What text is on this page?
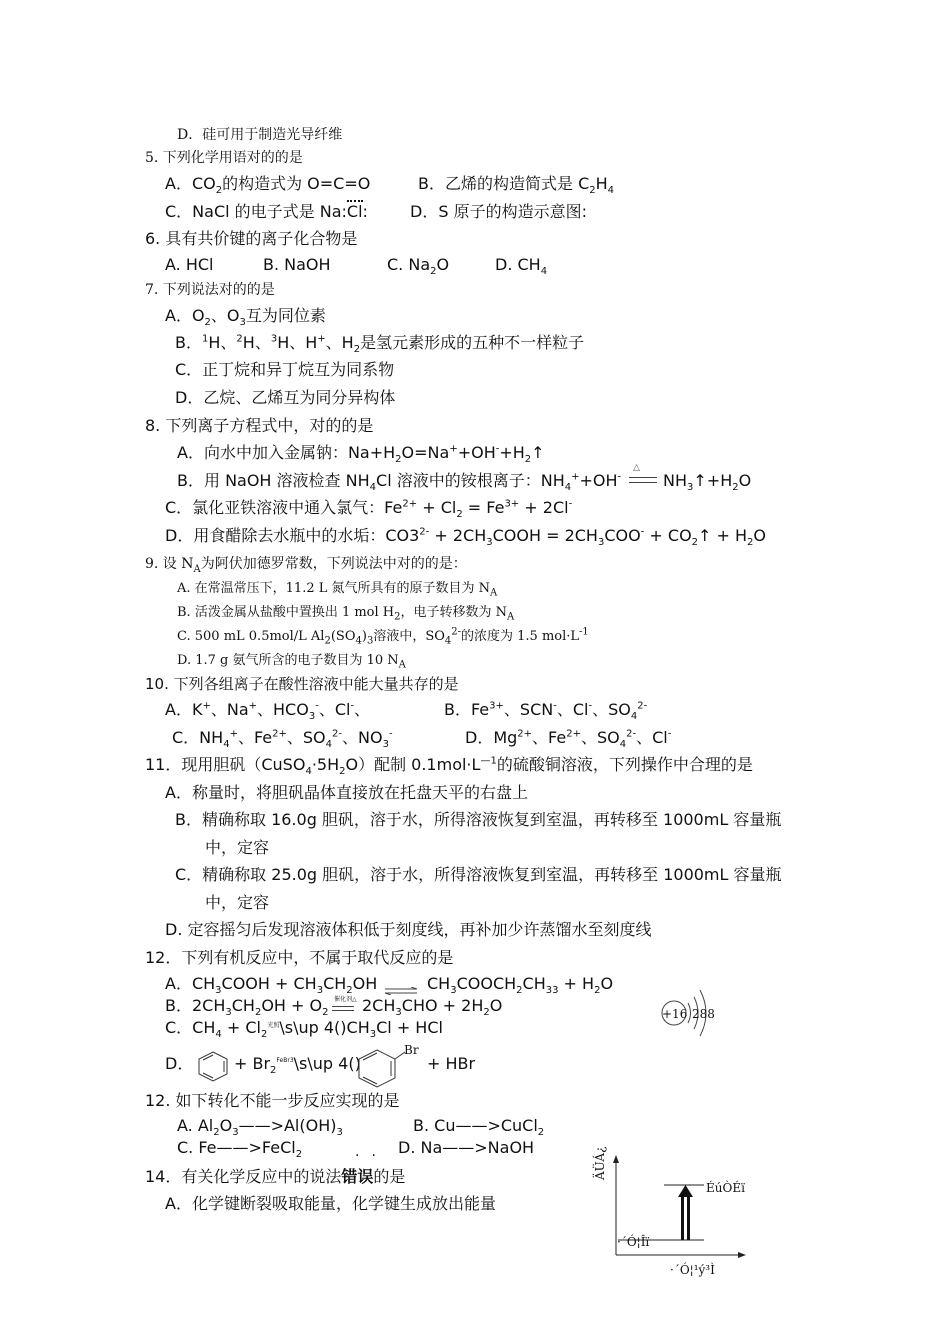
D．硅可用于制造光导纤维
5. 下列化学用语对的的是
A．$CO_2$的构造式为 O=C=O	B．乙烯的构造简式是 $C_2H_4$
C．NaCl 的电子式是 Na:Cl:	D．S 原子的构造示意图:
6. 具有共价键的离子化合物是
A. HCl	B. NaOH	C. $Na_2O$	D. $CH_4$
7. 下列说法对的的是
A．$O_2$、$O_3$互为同位素
B．$^1$H、$^2$H、$^3$H、H+、$H_2$是氢元素形成的五种不一样粒子
C．正丁烷和异丁烷互为同系物
D．乙烷、乙烯互为同分异构体
8. 下列离子方程式中，对的的是
A．向水中加入金属钠：$Na+H_2O=Na^++OH^-+H_2↑$
B．用 NaOH 溶液检查 $NH_4Cl$ 溶液中的铵根离子：$NH_4^++OH^-$
△
$NH_3↑+H_2O$
C．氯化亚铁溶液中通入氯气：$Fe^{2+} + Cl_2 = Fe^{3+} + 2Cl^-$
D．用食醋除去水瓶中的水垢：$CO3^{2-}$ + $2CH_3COOH = 2CH_3COO^-$ + $CO_2↑ + H_2O$
9. 设 $N_A$为阿伏加德罗常数，下列说法中对的的是：
A. 在常温常压下，11.2 L 氮气所具有的原子数目为 $N_A$
B. 活泼金属从盐酸中置换出 1 mol $H_2$，电子转移数为 $N_A$
C. 500 mL 0.5mol/L $Al_2(SO_4)_3$溶液中，$SO_4^{2-}$的浓度为 1.5 $mol\cdot L^{-1}$
D. 1.7 g 氨气所含的电子数目为 10 $N_A$
10. 下列各组离子在酸性溶液中能大量共存的是
A．K+、Na+、$HCO_3^-$、Cl-、	B．$Fe^{3+}$、SCN-、Cl-、$SO_4^{2-}$
C．$NH_4^+$、$Fe^{2+}$、$SO_4^{2-}$、$NO_3^-$	D．$Mg^{2+}$、$Fe^{2+}$、$SO_4^{2-}$、Cl-
11．现用胆矾$(CuSO_4\cdot 5H_2O)$配制 $0.1mol\cdot L^{—1}$的硫酸铜溶液，下列操作中合理的是
A．称量时，将胆矾晶体直接放在托盘天平的右盘上
B．精确称取 16.0g 胆矾，溶于水，所得溶液恢复到室温，再转移至 1000mL 容量瓶
中，定容
C．精确称取 25.0g 胆矾，溶于水，所得溶液恢复到室温，再转移至 1000mL 容量瓶
中，定容
D. 定容摇匀后发现溶液体积低于刻度线，再补加少许蒸馏水至刻度线
12．下列有机反应中，不属于取代反应的是
A．$CH_3COOH + CH_3CH_2OH$ ⇌ $CH_3COOCH_2CH_{33} + H_2O$
B．$2CH_3CH_2OH + O_2$
催化剂△ $2CH_3CHO + 2H_2O$
C．$CH_4$ + $Cl_2^{光照}\backslash s\backslash up$ $4()CH_3Cl$ + HCl
D．	+ $Br_2^{FeBr3}\backslash s\backslash up$ 4()
Br
+ HBr
+16 288
12. 如下转化不能一步反应实现的是
A. $Al_2O_3——>Al(OH)_3$	B. Cu——>CuCl$_2$
C. Fe——>FeCl$_2$	·· D. Na——>NaOH
14．有关化学反应中的说法错误的是
A．化学键断裂吸取能量，化学键生成放出能量
ÄÜÁ¿
ÉúÒÉï
·´Ó¦Îï
·´Ó¦¹ý³Ì
